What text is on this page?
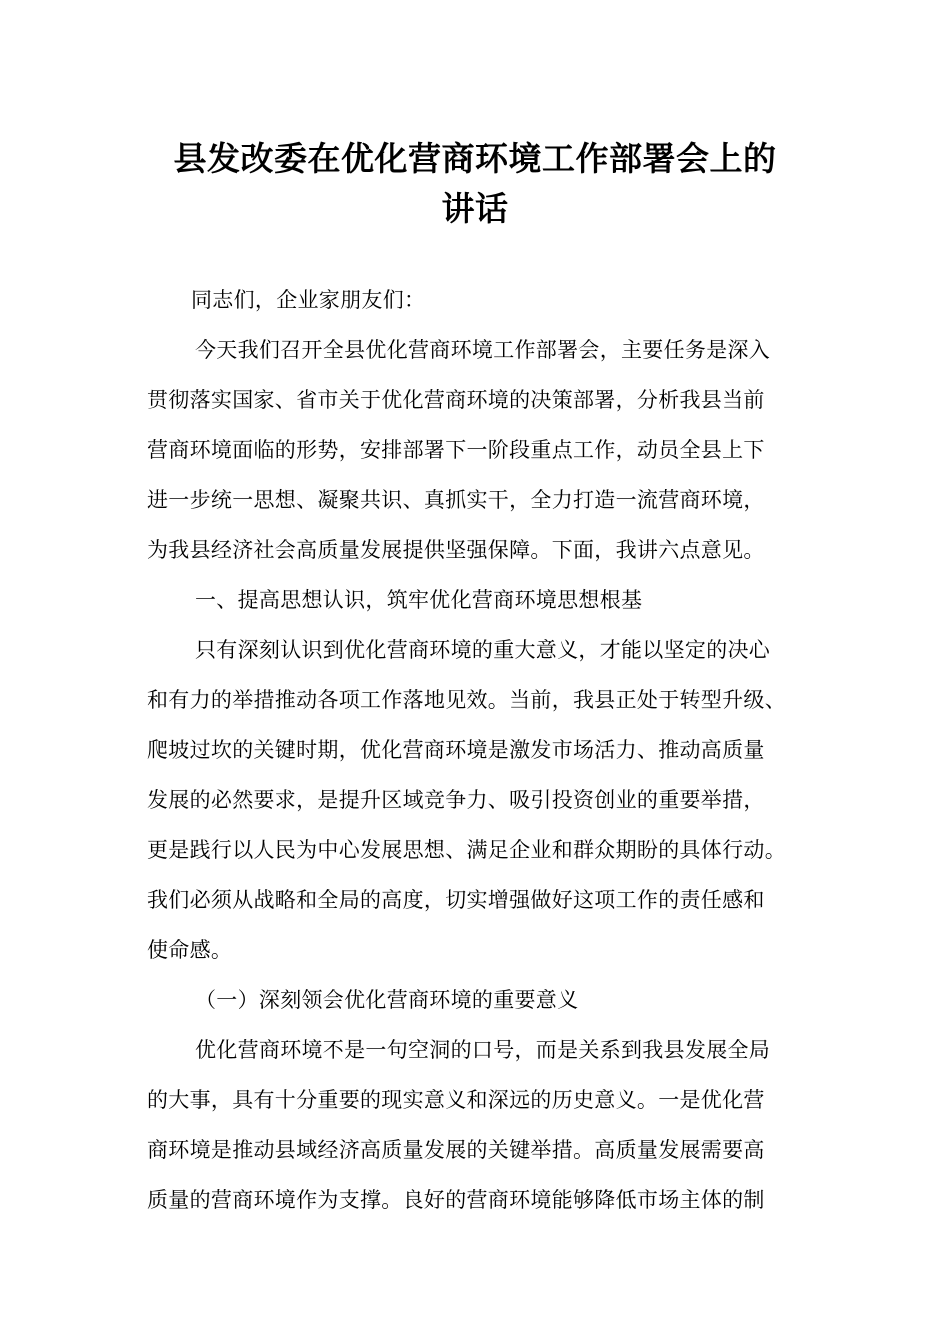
县发改委在优化营商环境工作部署会上的
讲话
同志们，企业家朋友们：
今天我们召开全县优化营商环境工作部署会，主要任务是深入
贯彻落实国家、省市关于优化营商环境的决策部署，分析我县当前
营商环境面临的形势，安排部署下一阶段重点工作，动员全县上下
进一步统一思想、凝聚共识、真抓实干，全力打造一流营商环境，
为我县经济社会高质量发展提供坚强保障。下面，我讲六点意见。
一、提高思想认识，筑牢优化营商环境思想根基
只有深刻认识到优化营商环境的重大意义，才能以坚定的决心
和有力的举措推动各项工作落地见效。当前，我县正处于转型升级、
爬坡过坎的关键时期，优化营商环境是激发市场活力、推动高质量
发展的必然要求，是提升区域竞争力、吸引投资创业的重要举措，
更是践行以人民为中心发展思想、满足企业和群众期盼的具体行动。
我们必须从战略和全局的高度，切实增强做好这项工作的责任感和
使命感。
（一）深刻领会优化营商环境的重要意义
优化营商环境不是一句空洞的口号，而是关系到我县发展全局
的大事，具有十分重要的现实意义和深远的历史意义。一是优化营
商环境是推动县域经济高质量发展的关键举措。高质量发展需要高
质量的营商环境作为支撑。良好的营商环境能够降低市场主体的制
